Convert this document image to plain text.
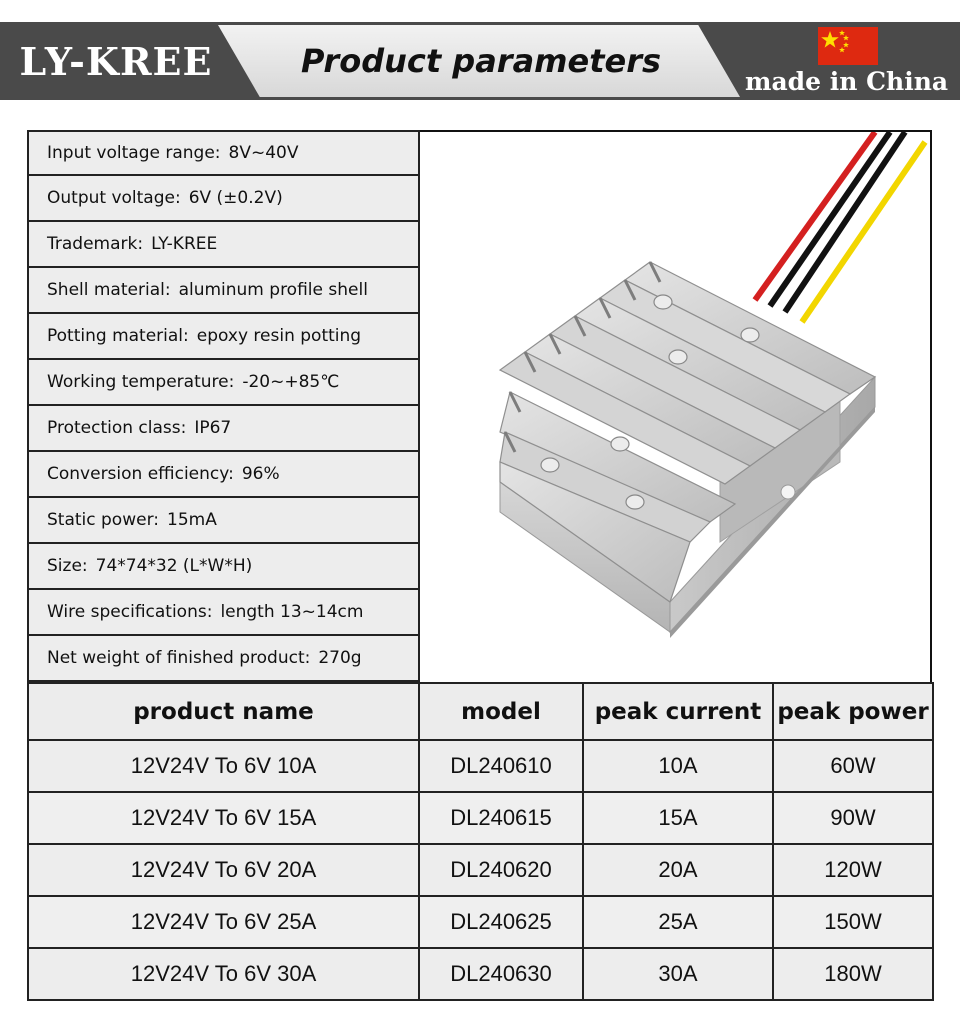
LY-KREE	Product parameters
made in China
Input voltage range: 8V~40V
Output voltage: 6V (±0.2V)
Trademark: LY-KREE
Shell material: aluminum profile shell
Potting material: epoxy resin potting
Working temperature: -20~+85℃
Protection class: IP67
Conversion efficiency: 96%
Static power: 15mA
Size: 74*74*32 (L*W*H)
Wire specifications: length 13~14cm
Net weight of finished product: 270g
product name	model	peak current	peak power
12V24V To 6V 10A	DL240610	10A	60W
12V24V To 6V 15A	DL240615	15A	90W
12V24V To 6V 20A	DL240620	20A	120W
12V24V To 6V 25A	DL240625	25A	150W
12V24V To 6V 30A	DL240630	30A	180W
